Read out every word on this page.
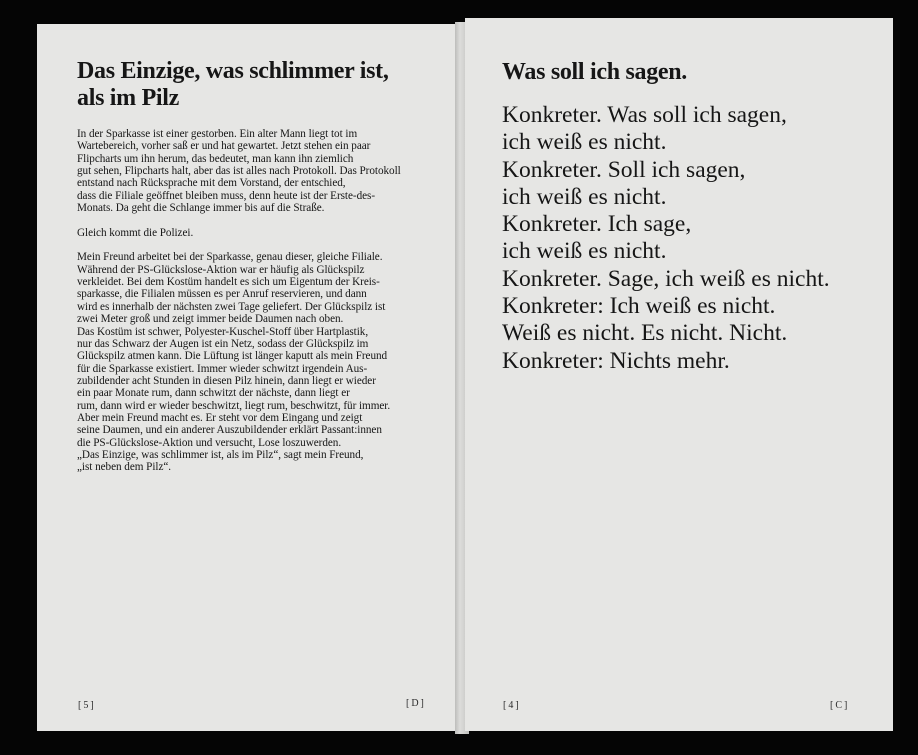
Das Einzige, was schlimmer ist,
als im Pilz
In der Sparkasse ist einer gestorben. Ein alter Mann liegt tot im
Wartebereich, vorher saß er und hat gewartet. Jetzt stehen ein paar
Flipcharts um ihn herum, das bedeutet, man kann ihn ziemlich
gut sehen, Flipcharts halt, aber das ist alles nach Protokoll. Das Protokoll
entstand nach Rücksprache mit dem Vorstand, der entschied,
dass die Filiale geöffnet bleiben muss, denn heute ist der Erste-des-
Monats. Da geht die Schlange immer bis auf die Straße.
Gleich kommt die Polizei.
Mein Freund arbeitet bei der Sparkasse, genau dieser, gleiche Filiale.
Während der PS-Glückslose-Aktion war er häufig als Glückspilz
verkleidet. Bei dem Kostüm handelt es sich um Eigentum der Kreis-
sparkasse, die Filialen müssen es per Anruf reservieren, und dann
wird es innerhalb der nächsten zwei Tage geliefert. Der Glückspilz ist
zwei Meter groß und zeigt immer beide Daumen nach oben.
Das Kostüm ist schwer, Polyester-Kuschel-Stoff über Hartplastik,
nur das Schwarz der Augen ist ein Netz, sodass der Glückspilz im
Glückspilz atmen kann. Die Lüftung ist länger kaputt als mein Freund
für die Sparkasse existiert. Immer wieder schwitzt irgendein Aus-
zubildender acht Stunden in diesen Pilz hinein, dann liegt er wieder
ein paar Monate rum, dann schwitzt der nächste, dann liegt er
rum, dann wird er wieder beschwitzt, liegt rum, beschwitzt, für immer.
Aber mein Freund macht es. Er steht vor dem Eingang und zeigt
seine Daumen, und ein anderer Auszubildender erklärt Passant:innen
die PS-Glückslose-Aktion und versucht, Lose loszuwerden.
„Das Einzige, was schlimmer ist, als im Pilz“, sagt mein Freund,
„ist neben dem Pilz“.
[5]	[D]
Was soll ich sagen.
Konkreter. Was soll ich sagen,
ich weiß es nicht.
Konkreter. Soll ich sagen,
ich weiß es nicht.
Konkreter. Ich sage,
ich weiß es nicht.
Konkreter. Sage, ich weiß es nicht.
Konkreter: Ich weiß es nicht.
Weiß es nicht. Es nicht. Nicht.
Konkreter: Nichts mehr.
[4]	[C]
